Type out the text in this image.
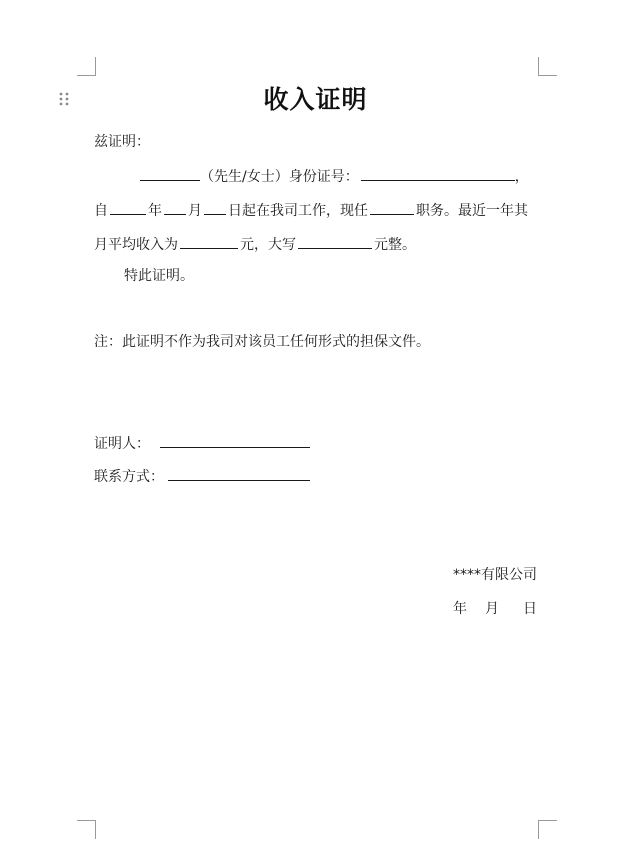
收入证明
兹证明：
（先生/女士）身份证号：	，
自	年 月 日起在我司工作，现任	职务。最近一年其
月平均收入为	元，大写	元整。
特此证明。
注：此证明不作为我司对该员工任何形式的担保文件。
证明人：
联系方式：
****有限公司
年 月 日
